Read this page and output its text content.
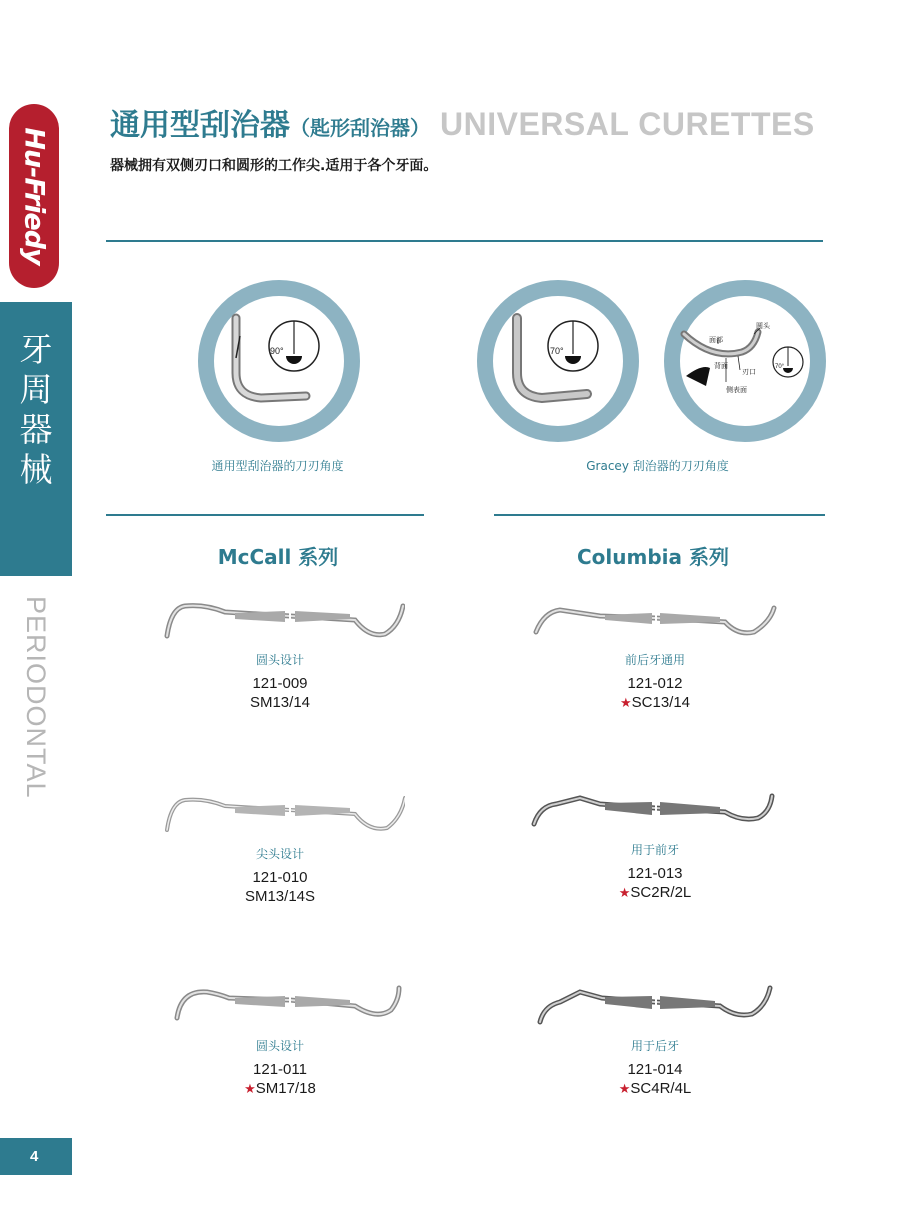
Hu-Friedy
牙
周
器
械
PERIODONTAL
4
通用型刮治器（匙形刮治器） UNIVERSAL CURETTES
器械拥有双侧刃口和圆形的工作尖.适用于各个牙面。
90°	70°
面部
圆头
背面
刃口
侧表面
70°
通用型刮治器的刀刃角度	Gracey 刮治器的刀刃角度
McCall 系列	Columbia 系列
圆头设计
121-009
SM13/14
尖头设计
121-010
SM13/14S
圆头设计
121-011
★SM17/18
前后牙通用
121-012
★SC13/14
用于前牙
121-013
★SC2R/2L
用于后牙
121-014
★SC4R/4L
